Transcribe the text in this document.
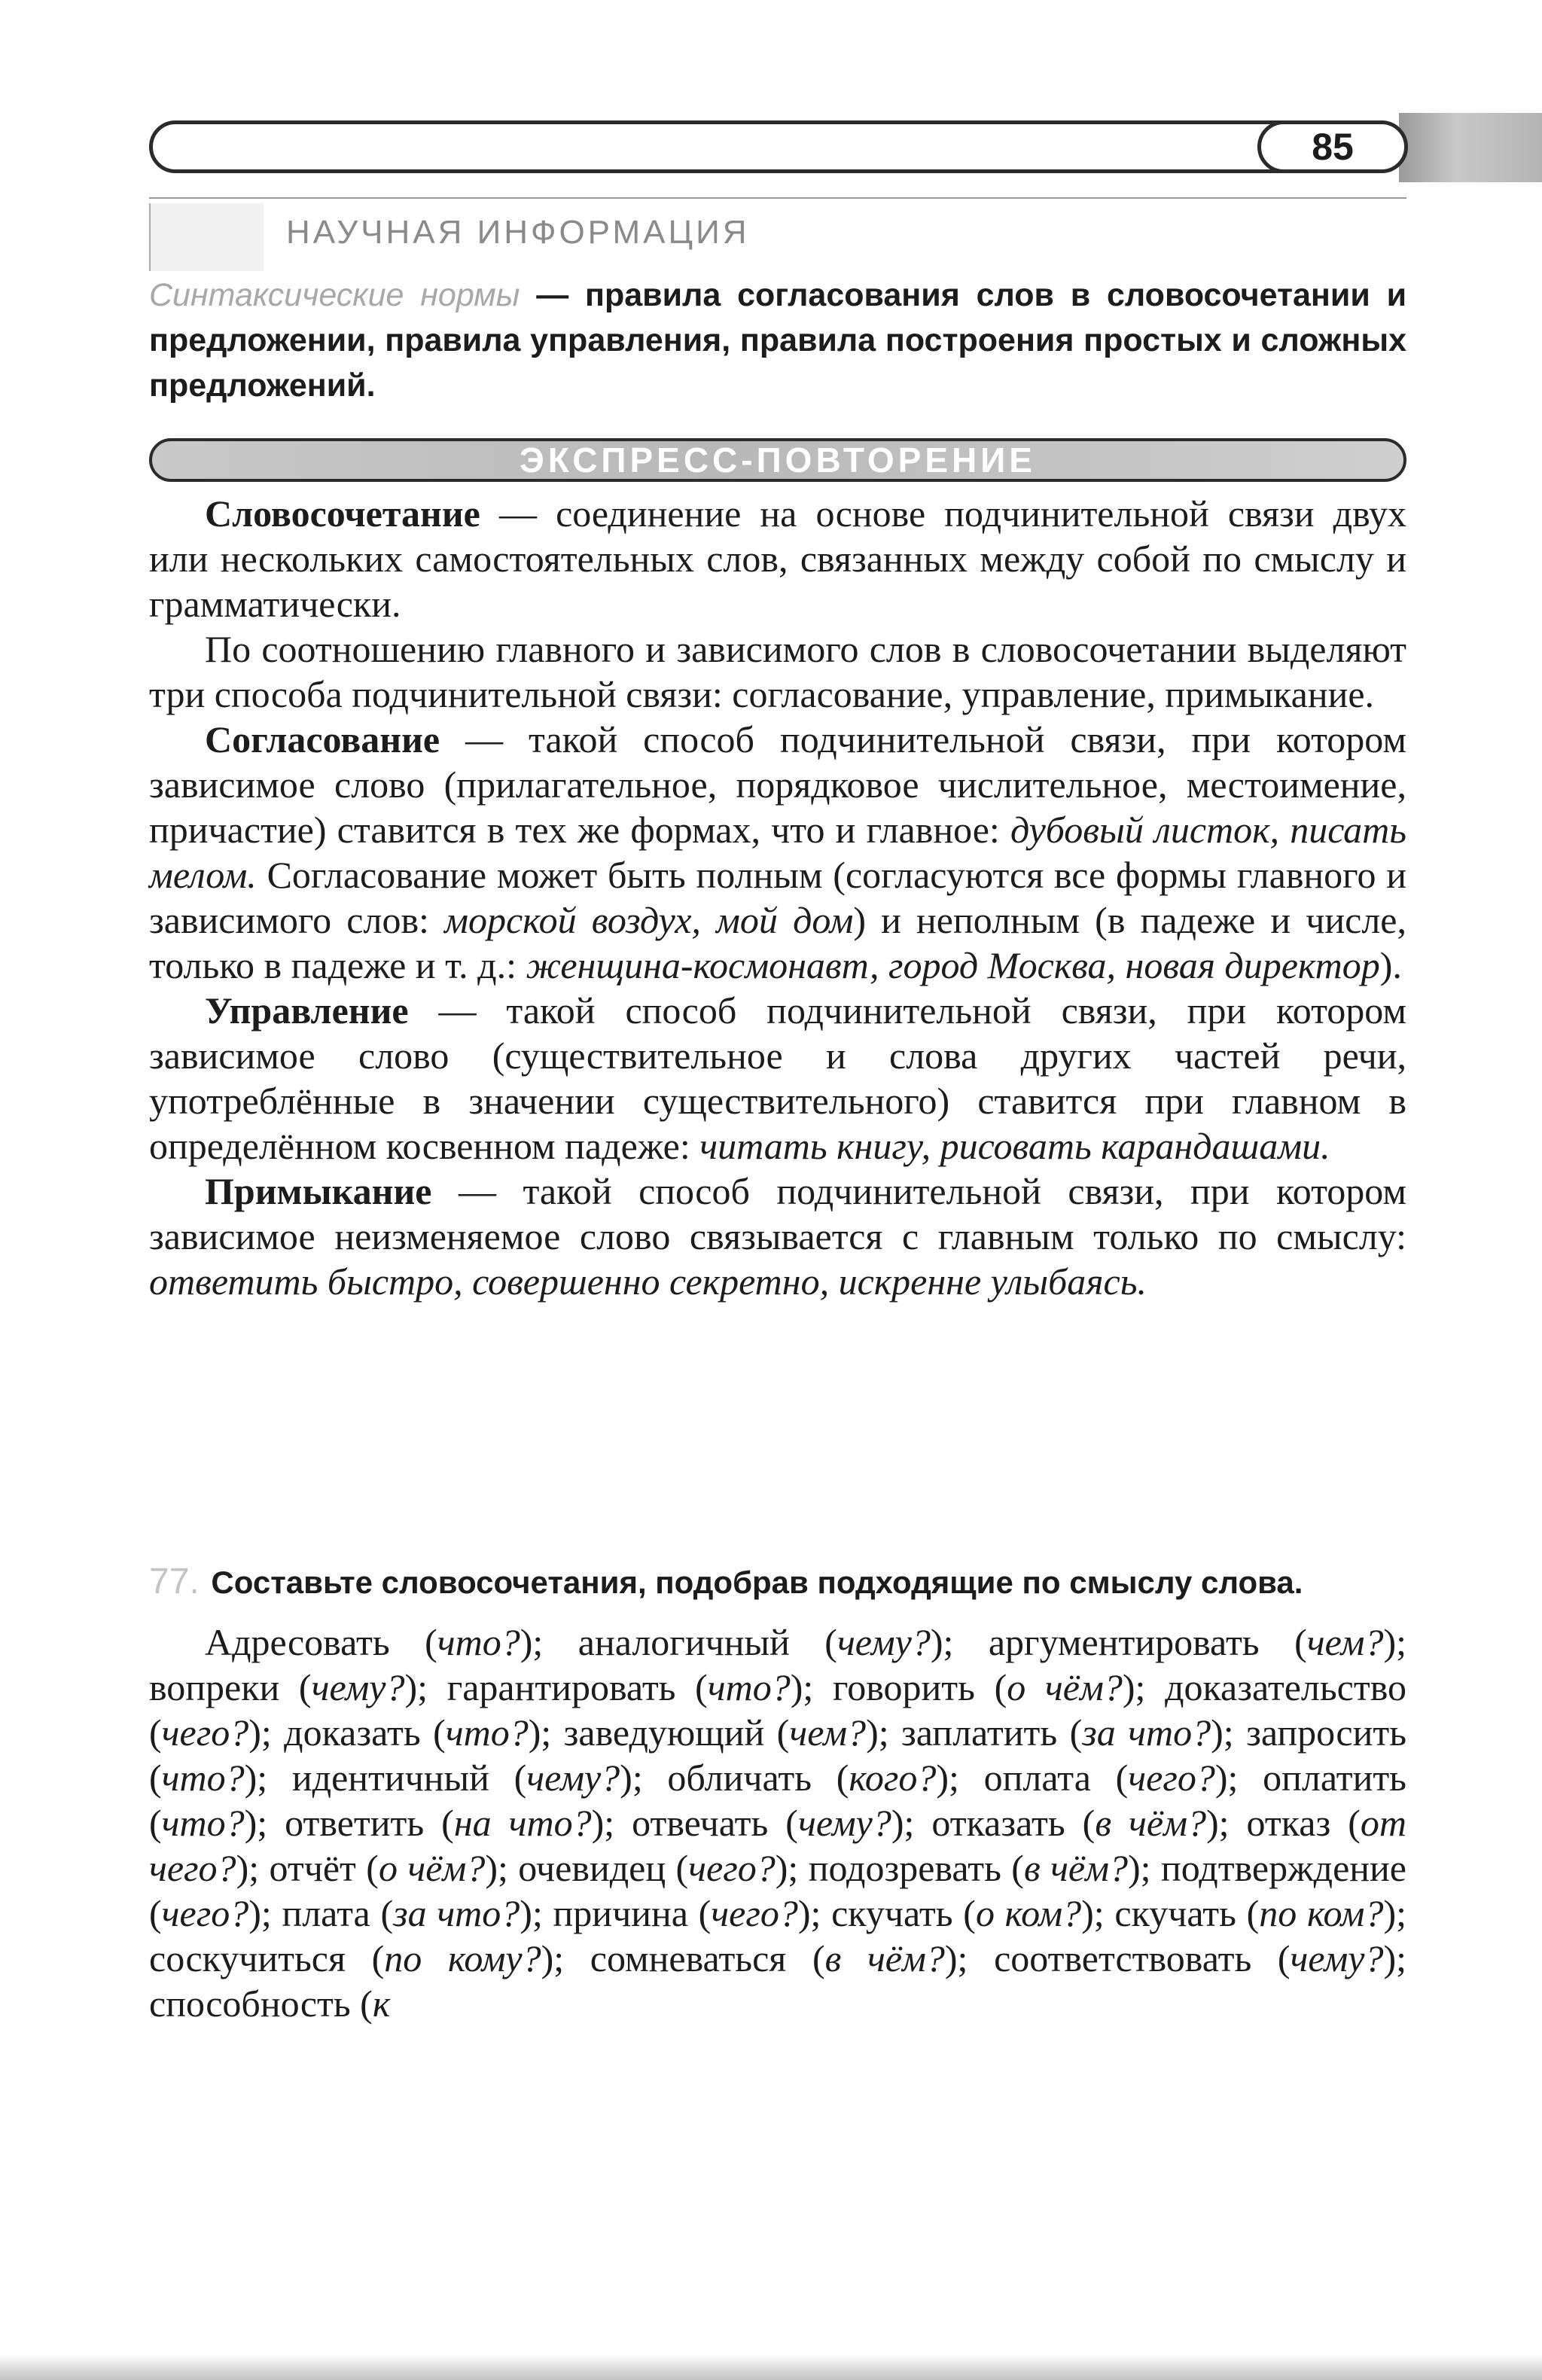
85
НАУЧНАЯ ИНФОРМАЦИЯ

Синтаксические нормы — правила согласования слов в словосочетании и предложении, правила управления, правила построения простых и сложных предложений.

ЭКСПРЕСС-ПОВТОРЕНИЕ

Словосочетание — соединение на основе подчинительной связи двух или нескольких самостоятельных слов, связанных между собой по смыслу и грамматически.

По соотношению главного и зависимого слов в словосочетании выделяют три способа подчинительной связи: согласование, управление, примыкание.

Согласование — такой способ подчинительной связи, при котором зависимое слово (прилагательное, порядковое числительное, местоимение, причастие) ставится в тех же формах, что и главное: дубовый листок, писать мелом. Согласование может быть полным (согласуются все формы главного и зависимого слов: морской воздух, мой дом) и неполным (в падеже и числе, только в падеже и т. д.: женщина-космонавт, город Москва, новая директор).

Управление — такой способ подчинительной связи, при котором зависимое слово (существительное и слова других частей речи, употреблённые в значении существительного) ставится при главном в определённом косвенном падеже: читать книгу, рисовать карандашами.

Примыкание — такой способ подчинительной связи, при котором зависимое неизменяемое слово связывается с главным только по смыслу: ответить быстро, совершенно секретно, искренне улыбаясь.

77. Составьте словосочетания, подобрав подходящие по смыслу слова.

Адресовать (что?); аналогичный (чему?); аргументировать (чем?); вопреки (чему?); гарантировать (что?); говорить (о чём?); доказательство (чего?); доказать (что?); заведующий (чем?); заплатить (за что?); запросить (что?); идентичный (чему?); обличать (кого?); оплата (чего?); оплатить (что?); ответить (на что?); отвечать (чему?); отказать (в чём?); отказ (от чего?); отчёт (о чём?); очевидец (чего?); подозревать (в чём?); подтверждение (чего?); плата (за что?); причина (чего?); скучать (о ком?); скучать (по ком?); соскучиться (по кому?); сомневаться (в чём?); соответствовать (чему?); способность (к
